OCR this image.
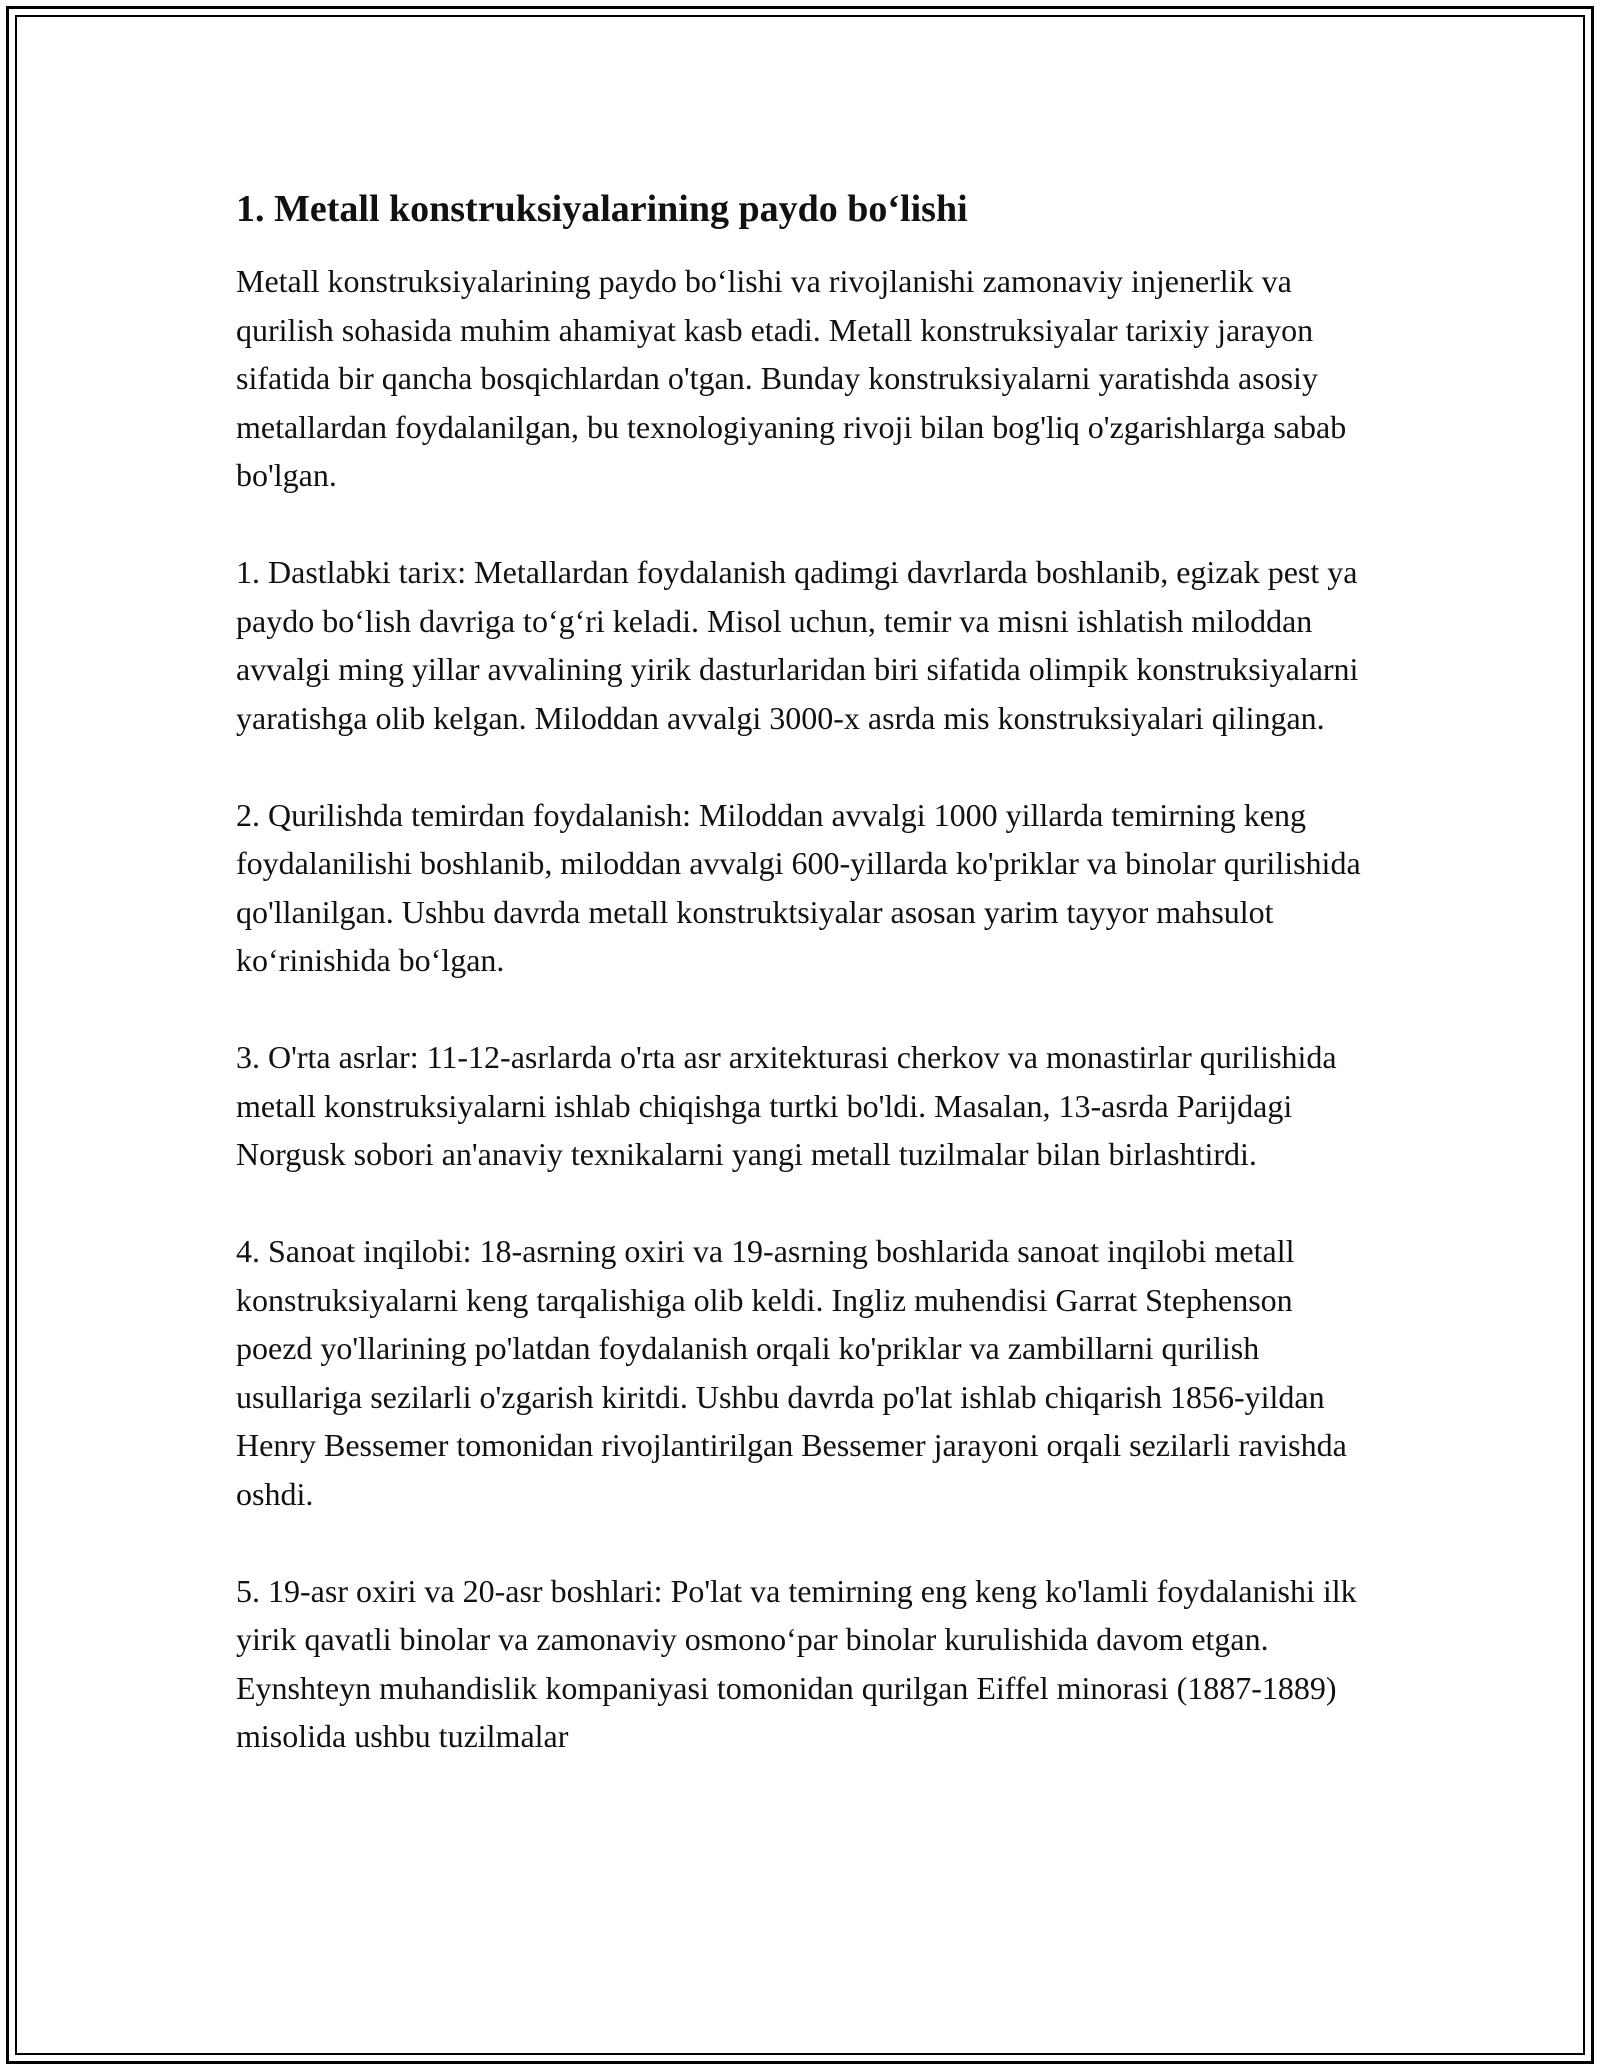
1. Metall konstruksiyalarining paydo bo‘lishi

Metall konstruksiyalarining paydo bo‘lishi va rivojlanishi zamonaviy injenerlik va qurilish sohasida muhim ahamiyat kasb etadi. Metall konstruksiyalar tarixiy jarayon sifatida bir qancha bosqichlardan o'tgan. Bunday konstruksiyalarni yaratishda asosiy metallardan foydalanilgan, bu texnologiyaning rivoji bilan bog'liq o'zgarishlarga sabab bo'lgan.

1. Dastlabki tarix: Metallardan foydalanish qadimgi davrlarda boshlanib, egizak pest ya paydo bo‘lish davriga to‘g‘ri keladi. Misol uchun, temir va misni ishlatish miloddan avvalgi ming yillar avvalining yirik dasturlaridan biri sifatida olimpik konstruksiyalarni yaratishga olib kelgan. Miloddan avvalgi 3000-x asrda mis konstruksiyalari qilingan.

2. Qurilishda temirdan foydalanish: Miloddan avvalgi 1000 yillarda temirning keng foydalanilishi boshlanib, miloddan avvalgi 600-yillarda ko'priklar va binolar qurilishida qo'llanilgan. Ushbu davrda metall konstruktsiyalar asosan yarim tayyor mahsulot ko‘rinishida bo‘lgan.

3. O'rta asrlar: 11-12-asrlarda o'rta asr arxitekturasi cherkov va monastirlar qurilishida metall konstruksiyalarni ishlab chiqishga turtki bo'ldi. Masalan, 13-asrda Parijdagi Norgusk sobori an'anaviy texnikalarni yangi metall tuzilmalar bilan birlashtirdi.

4. Sanoat inqilobi: 18-asrning oxiri va 19-asrning boshlarida sanoat inqilobi metall konstruksiyalarni keng tarqalishiga olib keldi. Ingliz muhendisi Garrat Stephenson poezd yo'llarining po'latdan foydalanish orqali ko'priklar va zambillarni qurilish usullariga sezilarli o'zgarish kiritdi. Ushbu davrda po'lat ishlab chiqarish 1856-yildan Henry Bessemer tomonidan rivojlantirilgan Bessemer jarayoni orqali sezilarli ravishda oshdi.

5. 19-asr oxiri va 20-asr boshlari: Po'lat va temirning eng keng ko'lamli foydalanishi ilk yirik qavatli binolar va zamonaviy osmono‘par binolar kurulishida davom etgan. Eynshteyn muhandislik kompaniyasi tomonidan qurilgan Eiffel minorasi (1887-1889) misolida ushbu tuzilmalar
